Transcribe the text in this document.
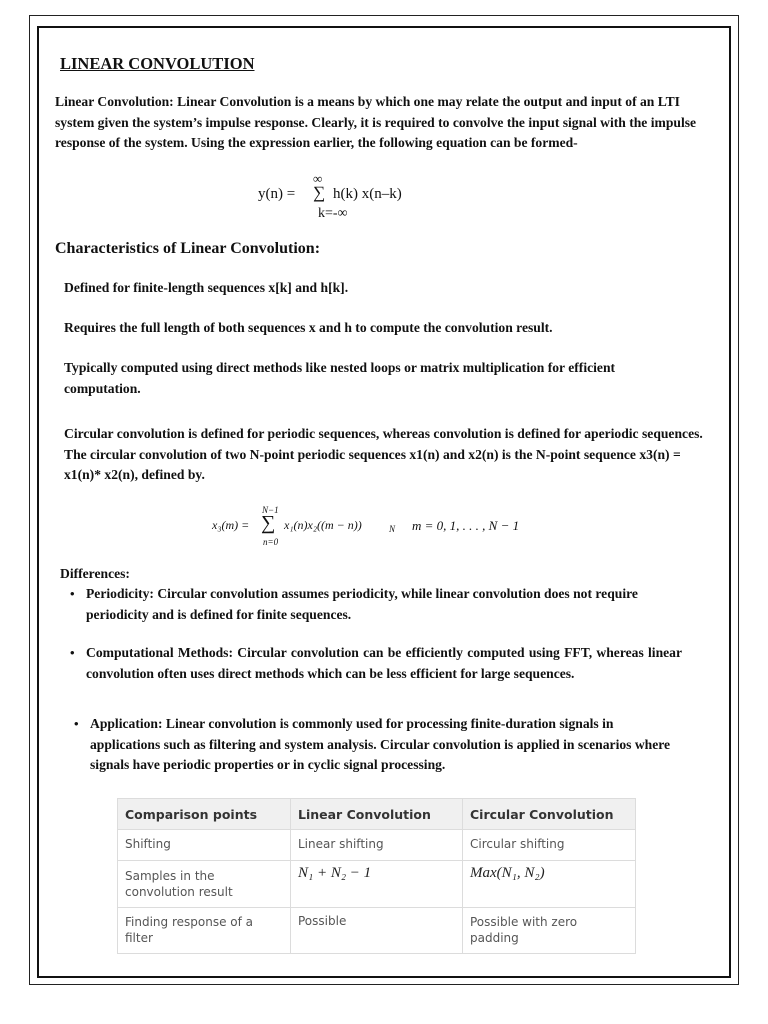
LINEAR CONVOLUTION
Linear Convolution: Linear Convolution is a means by which one may relate the output and input of an LTI system given the system’s impulse response. Clearly, it is required to convolve the input signal with the impulse response of the system. Using the expression earlier, the following equation can be formed-
y(n) =
∞
∑
k=-∞
h(k) x(n–k)
Characteristics of Linear Convolution:
Defined for finite-length sequences x[k] and h[k].
Requires the full length of both sequences x and h to compute the convolution result.
Typically computed using direct methods like nested loops or matrix multiplication for efficient computation.
Circular convolution is defined for periodic sequences, whereas convolution is defined for aperiodic sequences. The circular convolution of two N-point periodic sequences x1(n) and x2(n) is the N-point sequence x3(n) = x1(n)* x2(n), defined by.
x₃(m) =
N−1
∑
n=0
x₁(n)x₂((m − n))	N m = 0, 1, . . . , N − 1
Differences:
• Periodicity: Circular convolution assumes periodicity, while linear convolution does not require periodicity and is defined for finite sequences.
• Computational Methods: Circular convolution can be efficiently computed using FFT, whereas linear convolution often uses direct methods which can be less efficient for large sequences.
• Application: Linear convolution is commonly used for processing finite-duration signals in applications such as filtering and system analysis. Circular convolution is applied in scenarios where signals have periodic properties or in cyclic signal processing.
Comparison points	Linear Convolution	Circular Convolution
Shifting	Linear shifting	Circular shifting
Samples in the convolution result	N₁ + N₂ − 1	Max(N₁, N₂)
Finding response of a filter	Possible	Possible with zero padding
